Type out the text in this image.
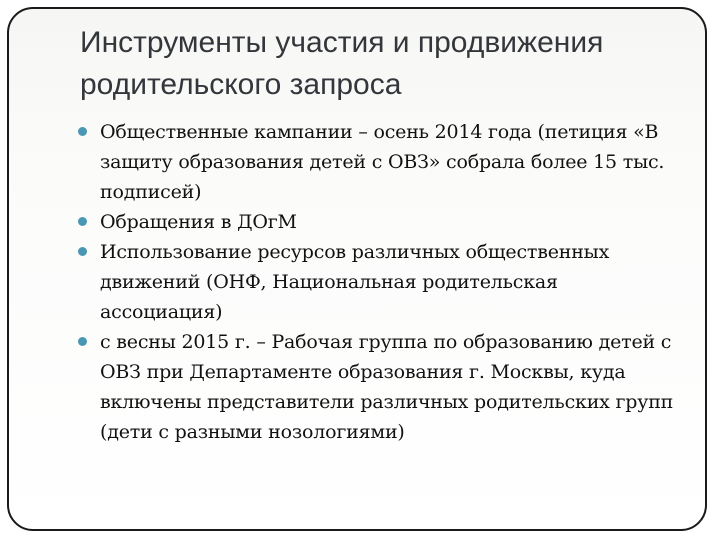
Инструменты участия и продвижения родительского запроса
Общественные кампании – осень 2014 года (петиция «В защиту образования детей с ОВЗ» собрала более 15 тыс. подписей)
Обращения в ДОгМ
Использование ресурсов различных общественных движений (ОНФ, Национальная родительская ассоциация)
с весны 2015 г. – Рабочая группа по образованию детей с ОВЗ при Департаменте образования г. Москвы, куда включены представители различных родительских групп (дети с разными нозологиями)
